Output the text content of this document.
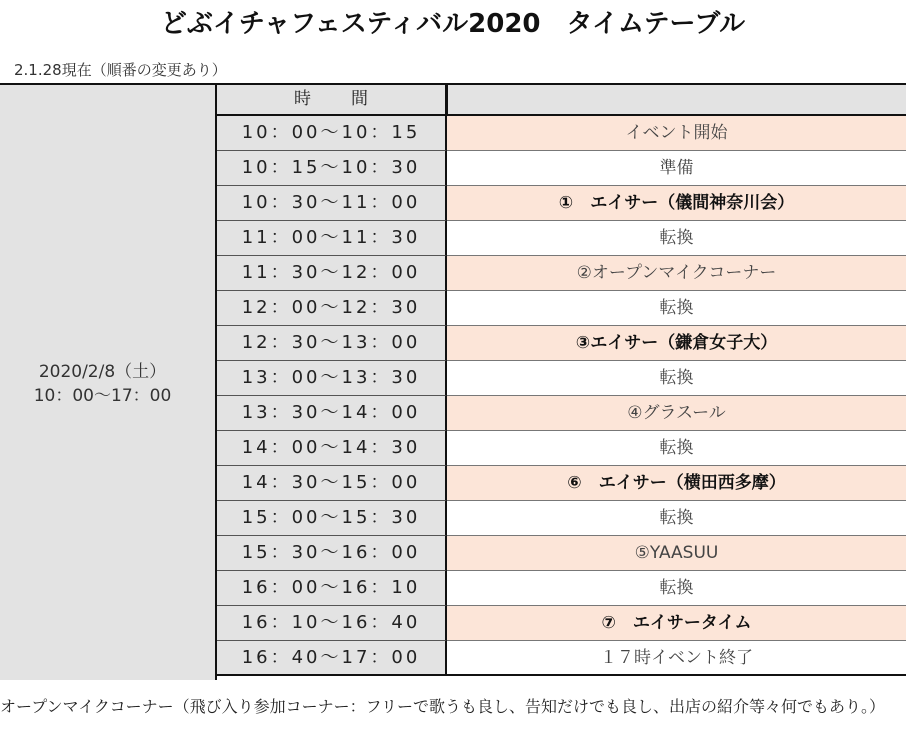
どぶイチャフェスティバル2020　タイムテーブル
2.1.28現在（順番の変更あり）
2020/2/8（土）
10：00〜17：00
時間
10：00〜10：15	イベント開始
10：15〜10：30	準備
10：30〜11：00	①　エイサー（儀間神奈川会）
11：00〜11：30	転換
11：30〜12：00	②オープンマイクコーナー
12：00〜12：30	転換
12：30〜13：00	③エイサー（鎌倉女子大）
13：00〜13：30	転換
13：30〜14：00	④グラスール
14：00〜14：30	転換
14：30〜15：00	⑥　エイサー（横田西多摩）
15：00〜15：30	転換
15：30〜16：00	⑤YAASUU
16：00〜16：10	転換
16：10〜16：40	⑦　エイサータイム
16：40〜17：00	１７時イベント終了
オープンマイクコーナー（飛び入り参加コーナー：フリーで歌うも良し、告知だけでも良し、出店の紹介等々何でもあり。）
